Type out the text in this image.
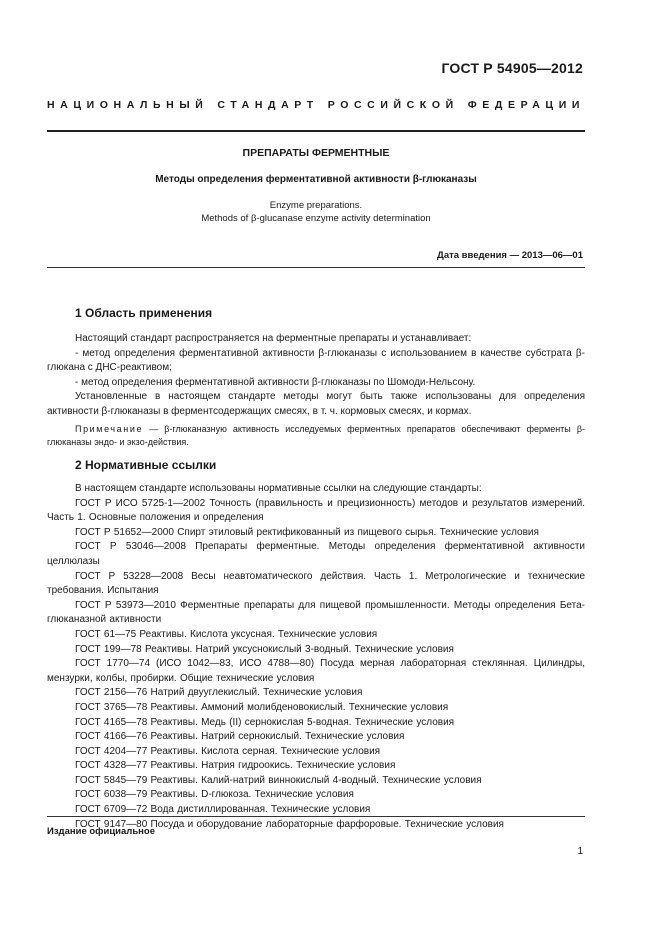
ГОСТ Р 54905—2012
НАЦИОНАЛЬНЫЙ СТАНДАРТ РОССИЙСКОЙ ФЕДЕРАЦИИ
ПРЕПАРАТЫ ФЕРМЕНТНЫЕ
Методы определения ферментативной активности β-глюканазы
Enzyme preparations.
Methods of β-glucanase enzyme activity determination
Дата введения — 2013—06—01
1 Область применения

Настоящий стандарт распространяется на ферментные препараты и устанавливает:

- метод определения ферментативной активности β-глюканазы с использованием в качестве субстрата β-глюкана с ДНС-реактивом;

- метод определения ферментативной активности β-глюканазы по Шомоди-Нельсону.

Установленные в настоящем стандарте методы могут быть также использованы для определения активности β-глюканазы в ферментсодержащих смесях, в т. ч. кормовых смесях, и кормах.

Примечание — β-глюканазную активность исследуемых ферментных препаратов обеспечивают ферменты β-глюканазы эндо- и экзо-действия.

2 Нормативные ссылки

В настоящем стандарте использованы нормативные ссылки на следующие стандарты:

ГОСТ Р ИСО 5725-1—2002 Точность (правильность и прецизионность) методов и результатов измерений. Часть 1. Основные положения и определения

ГОСТ Р 51652—2000 Спирт этиловый ректификованный из пищевого сырья. Технические условия

ГОСТ Р 53046—2008 Препараты ферментные. Методы определения ферментативной активности целлюлазы

ГОСТ Р 53228—2008 Весы неавтоматического действия. Часть 1. Метрологические и технические требования. Испытания

ГОСТ Р 53973—2010 Ферментные препараты для пищевой промышленности. Методы определения Бета-глюканазной активности

ГОСТ 61—75 Реактивы. Кислота уксусная. Технические условия

ГОСТ 199—78 Реактивы. Натрий уксуснокислый 3-водный. Технические условия

ГОСТ 1770—74 (ИСО 1042—83, ИСО 4788—80) Посуда мерная лабораторная стеклянная. Цилиндры, мензурки, колбы, пробирки. Общие технические условия

ГОСТ 2156—76 Натрий двууглекислый. Технические условия

ГОСТ 3765—78 Реактивы. Аммоний молибденовокислый. Технические условия

ГОСТ 4165—78 Реактивы. Медь (II) сернокислая 5-водная. Технические условия

ГОСТ 4166—76 Реактивы. Натрий сернокислый. Технические условия

ГОСТ 4204—77 Реактивы. Кислота серная. Технические условия

ГОСТ 4328—77 Реактивы. Натрия гидроокись. Технические условия

ГОСТ 5845—79 Реактивы. Калий-натрий виннокислый 4-водный. Технические условия

ГОСТ 6038—79 Реактивы. D-глюкоза. Технические условия

ГОСТ 6709—72 Вода дистиллированная. Технические условия

ГОСТ 9147—80 Посуда и оборудование лабораторные фарфоровые. Технические условия

Издание официальное
1
